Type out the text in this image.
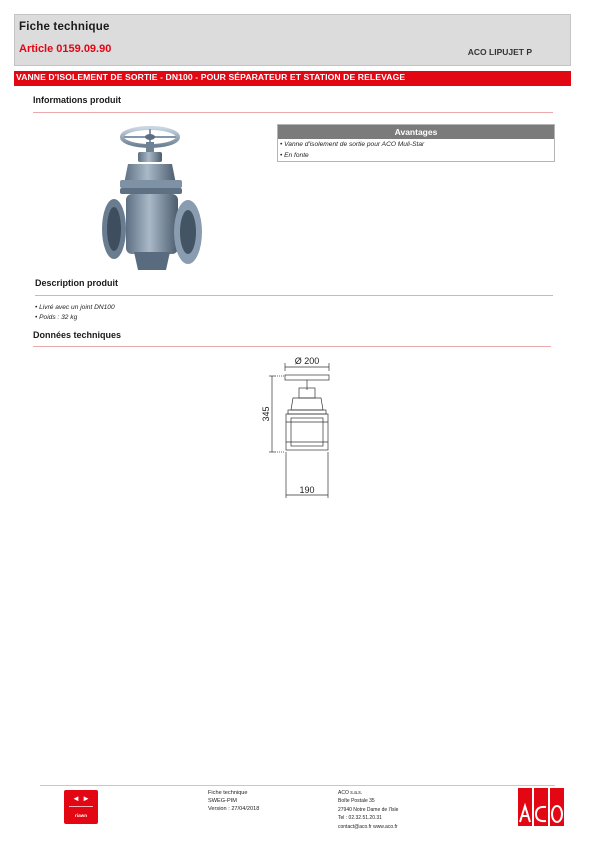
Fiche technique
Article 0159.09.90	ACO LIPUJET P
VANNE D'ISOLEMENT DE SORTIE - DN100 - POUR SÉPARATEUR ET STATION DE RELEVAGE
Informations produit
Avantages
• Vanne d'isolement de sortie pour ACO Muli-Star
• En fonte
Description produit
• Livré avec un joint DN100
• Poids : 32 kg
Données techniques
Ø 200
345
190
◄ ►
riawn
Fiche technique
SWEG-PIM
Version : 27/04/2018
ACO s.a.s.
Boîte Postale 35
27940 Notre Dame de l'Isle
Tel : 02.32.51.20.31
contact@aco.fr www.aco.fr
